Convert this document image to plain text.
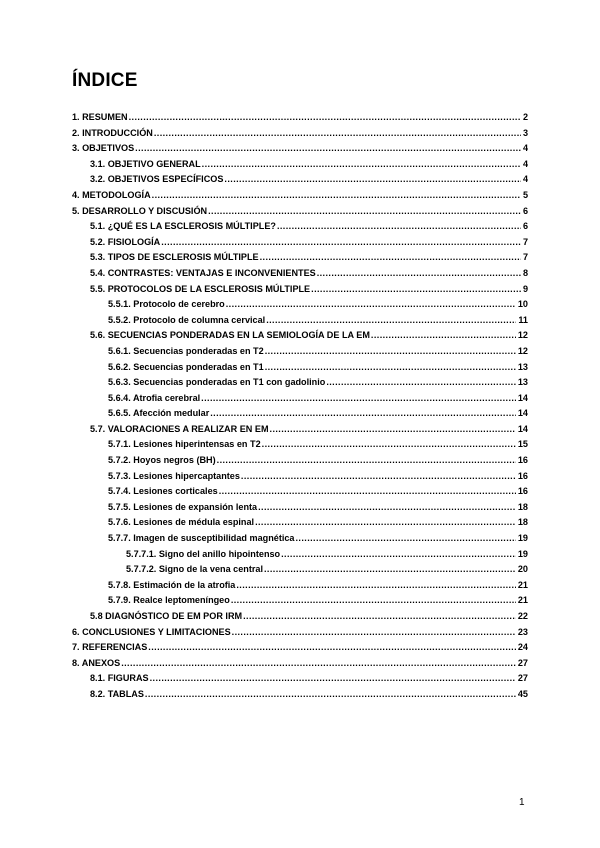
ÍNDICE
1. RESUMEN .....	2
2. INTRODUCCIÓN .....	3
3. OBJETIVOS .....	4
3.1. OBJETIVO GENERAL .....	4
3.2. OBJETIVOS ESPECÍFICOS .....	4
4. METODOLOGÍA .....	5
5. DESARROLLO Y DISCUSIÓN .....	6
5.1. ¿QUÉ ES LA ESCLEROSIS MÚLTIPLE? .....	6
5.2. FISIOLOGÍA .....	7
5.3. TIPOS DE ESCLEROSIS MÚLTIPLE .....	7
5.4. CONTRASTES: VENTAJAS E INCONVENIENTES .....	8
5.5. PROTOCOLOS DE LA ESCLEROSIS MÚLTIPLE .....	9
5.5.1. Protocolo de cerebro .....	10
5.5.2. Protocolo de columna cervical .....	11
5.6. SECUENCIAS PONDERADAS EN LA SEMIOLOGÍA DE LA EM .....	12
5.6.1. Secuencias ponderadas en T2 .....	12
5.6.2. Secuencias ponderadas en T1 .....	13
5.6.3. Secuencias ponderadas en T1 con gadolinio .....	13
5.6.4. Atrofia cerebral .....	14
5.6.5. Afección medular .....	14
5.7. VALORACIONES A REALIZAR EN EM .....	14
5.7.1. Lesiones hiperintensas en T2 .....	15
5.7.2. Hoyos negros (BH) .....	16
5.7.3. Lesiones hipercaptantes .....	16
5.7.4. Lesiones corticales .....	16
5.7.5. Lesiones de expansión lenta .....	18
5.7.6. Lesiones de médula espinal .....	18
5.7.7. Imagen de susceptibilidad magnética .....	19
5.7.7.1. Signo del anillo hipointenso .....	19
5.7.7.2. Signo de la vena central .....	20
5.7.8. Estimación de la atrofia .....	21
5.7.9. Realce leptomeníngeo .....	21
5.8 DIAGNÓSTICO DE EM POR IRM .....	22
6. CONCLUSIONES Y LIMITACIONES .....	23
7. REFERENCIAS .....	24
8. ANEXOS .....	27
8.1. FIGURAS .....	27
8.2. TABLAS .....	45
1
